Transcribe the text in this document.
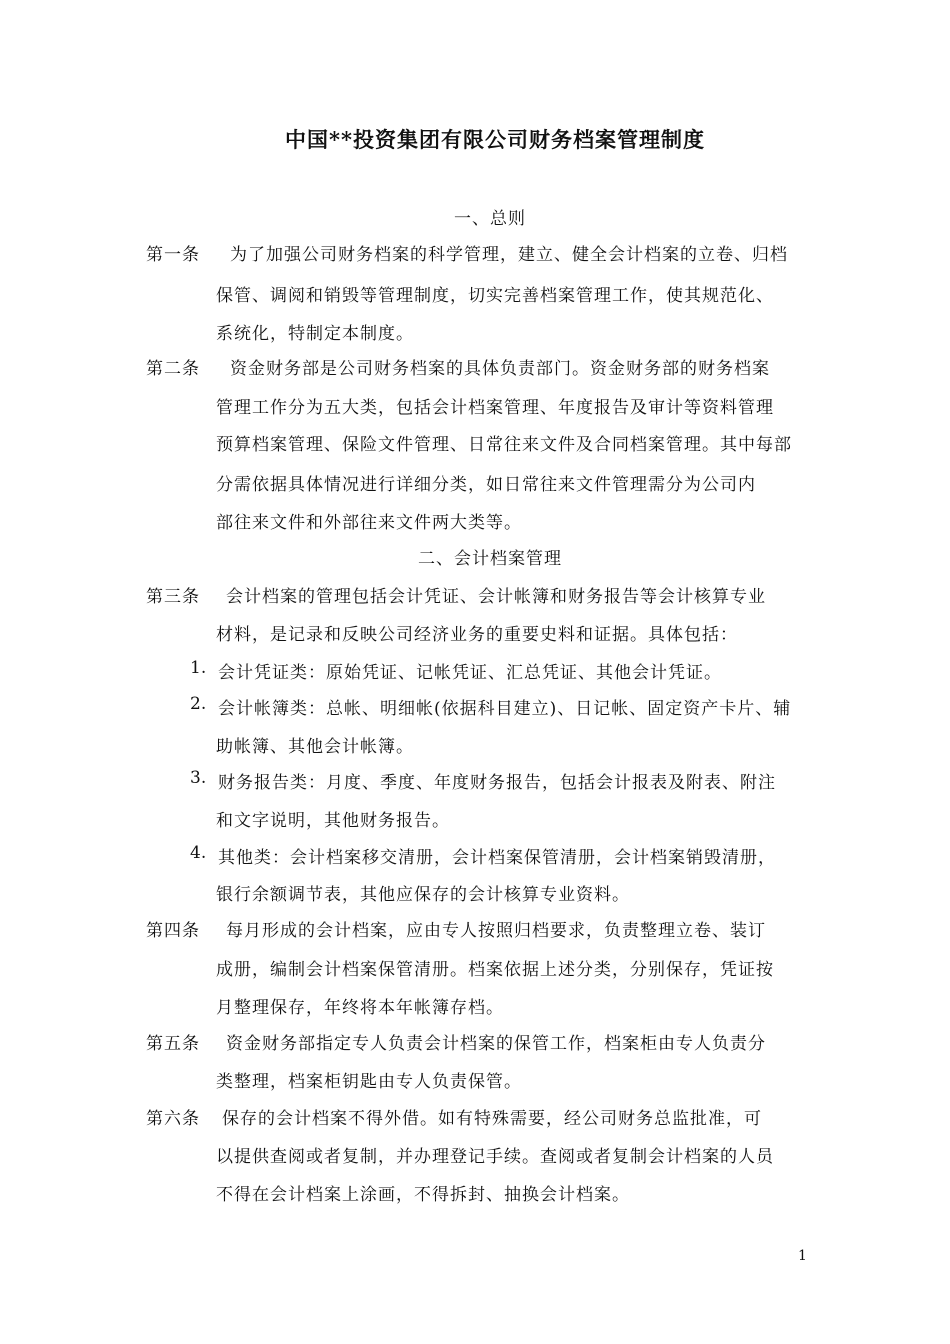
中国**投资集团有限公司财务档案管理制度
一、总则
第一条 为了加强公司财务档案的科学管理，建立、健全会计档案的立卷、归档
保管、调阅和销毁等管理制度，切实完善档案管理工作，使其规范化、
系统化，特制定本制度。
第二条 资金财务部是公司财务档案的具体负责部门。资金财务部的财务档案
管理工作分为五大类，包括会计档案管理、年度报告及审计等资料管理
预算档案管理、保险文件管理、日常往来文件及合同档案管理。其中每部
分需依据具体情况进行详细分类，如日常往来文件管理需分为公司内
部往来文件和外部往来文件两大类等。
二、会计档案管理
第三条 会计档案的管理包括会计凭证、会计帐簿和财务报告等会计核算专业
材料，是记录和反映公司经济业务的重要史料和证据。具体包括：
1. 会计凭证类：原始凭证、记帐凭证、汇总凭证、其他会计凭证。
2. 会计帐簿类：总帐、明细帐(依据科目建立)、日记帐、固定资产卡片、辅
助帐簿、其他会计帐簿。
3. 财务报告类：月度、季度、年度财务报告，包括会计报表及附表、附注
和文字说明，其他财务报告。
4. 其他类：会计档案移交清册，会计档案保管清册，会计档案销毁清册，
银行余额调节表，其他应保存的会计核算专业资料。
第四条 每月形成的会计档案，应由专人按照归档要求，负责整理立卷、装订
成册，编制会计档案保管清册。档案依据上述分类，分别保存，凭证按
月整理保存，年终将本年帐簿存档。
第五条 资金财务部指定专人负责会计档案的保管工作，档案柜由专人负责分
类整理，档案柜钥匙由专人负责保管。
第六条 保存的会计档案不得外借。如有特殊需要，经公司财务总监批准，可
以提供查阅或者复制，并办理登记手续。查阅或者复制会计档案的人员
不得在会计档案上涂画，不得拆封、抽换会计档案。
1
